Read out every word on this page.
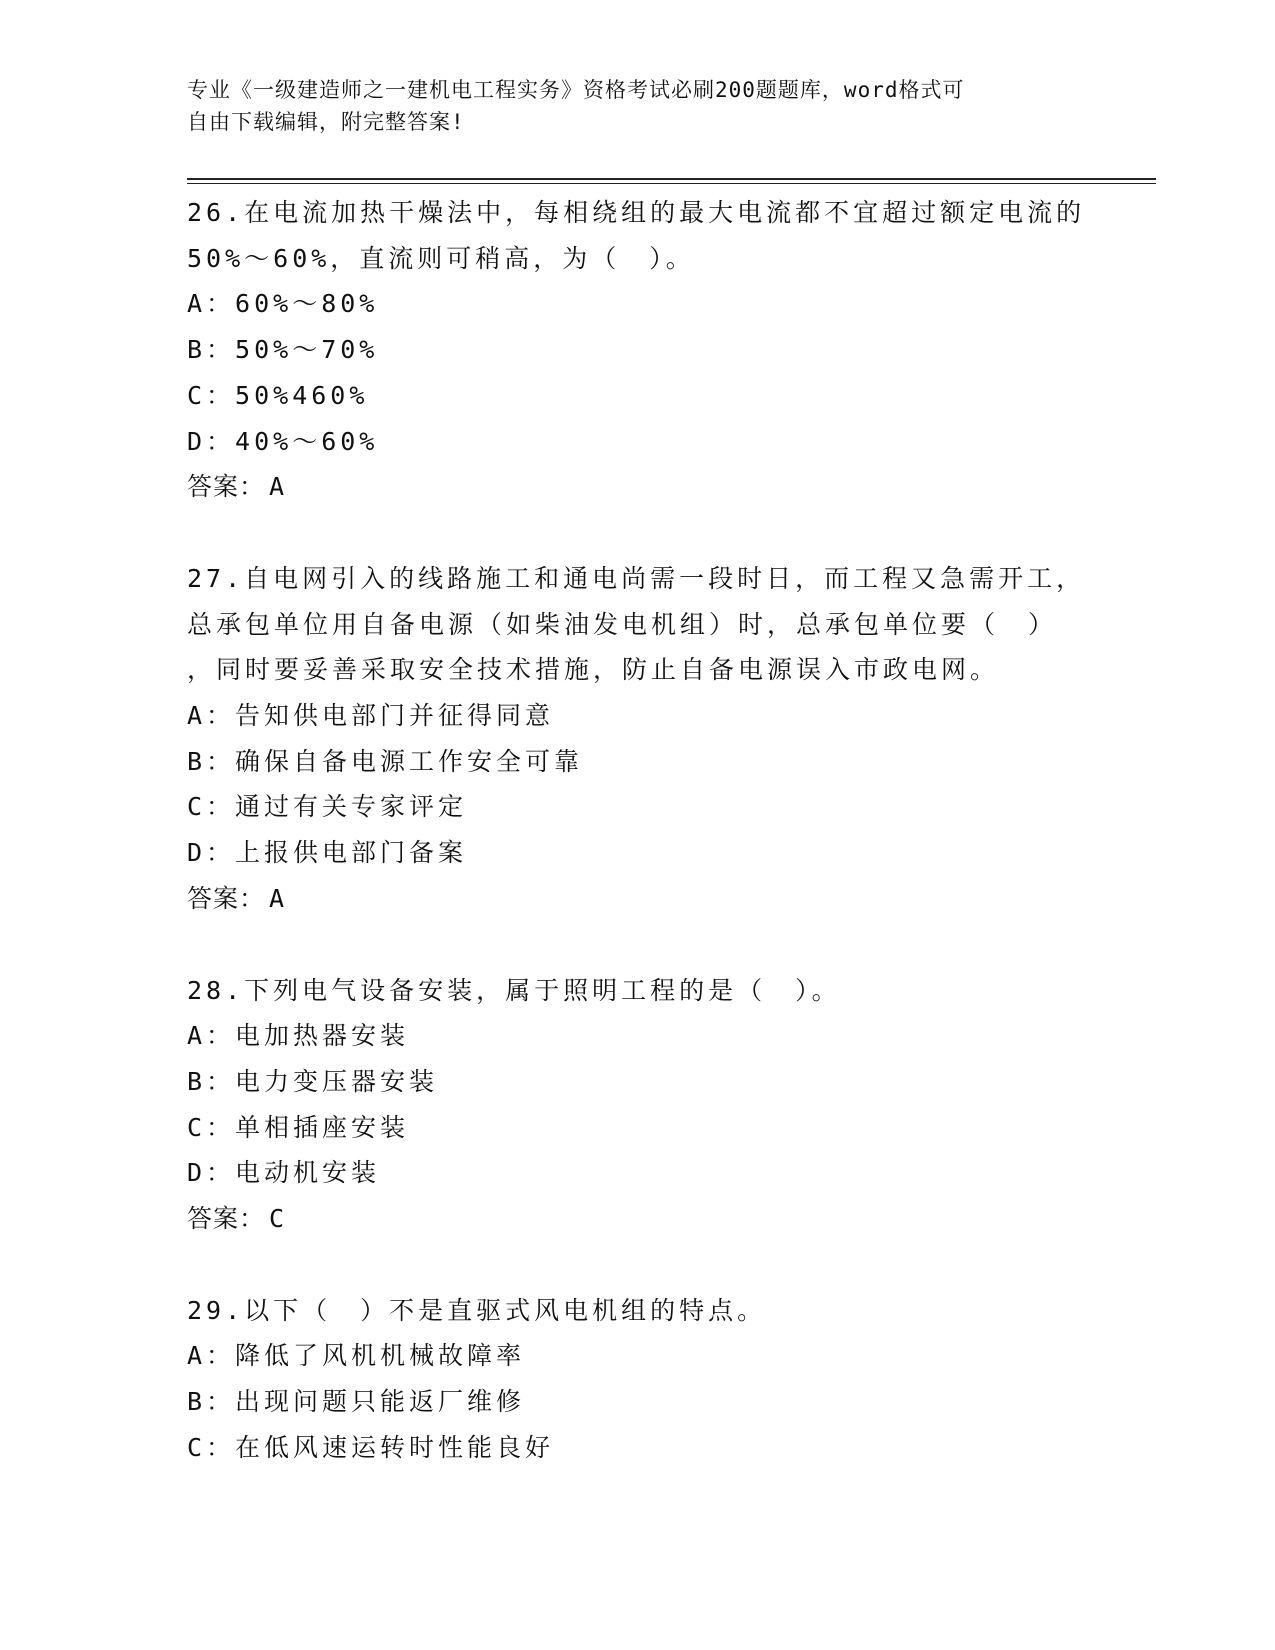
专业《一级建造师之一建机电工程实务》资格考试必刷200题题库，word格式可

自由下载编辑，附完整答案!

26.在电流加热干燥法中，每相绕组的最大电流都不宜超过额定电流的

50%～60%，直流则可稍高，为（　）。

A：60%～80%

B：50%～70%

C：50%460%

D：40%～60%

答案： A

27.自电网引入的线路施工和通电尚需一段时日，而工程又急需开工，

总承包单位用自备电源（如柴油发电机组）时，总承包单位要（　）

，同时要妥善采取安全技术措施，防止自备电源误入市政电网。

A：告知供电部门并征得同意

B：确保自备电源工作安全可靠

C：通过有关专家评定

D：上报供电部门备案

答案： A

28.下列电气设备安装，属于照明工程的是（　）。

A：电加热器安装

B：电力变压器安装

C：单相插座安装

D：电动机安装

答案： C

29.以下（　）不是直驱式风电机组的特点。

A：降低了风机机械故障率

B：出现问题只能返厂维修

C：在低风速运转时性能良好
